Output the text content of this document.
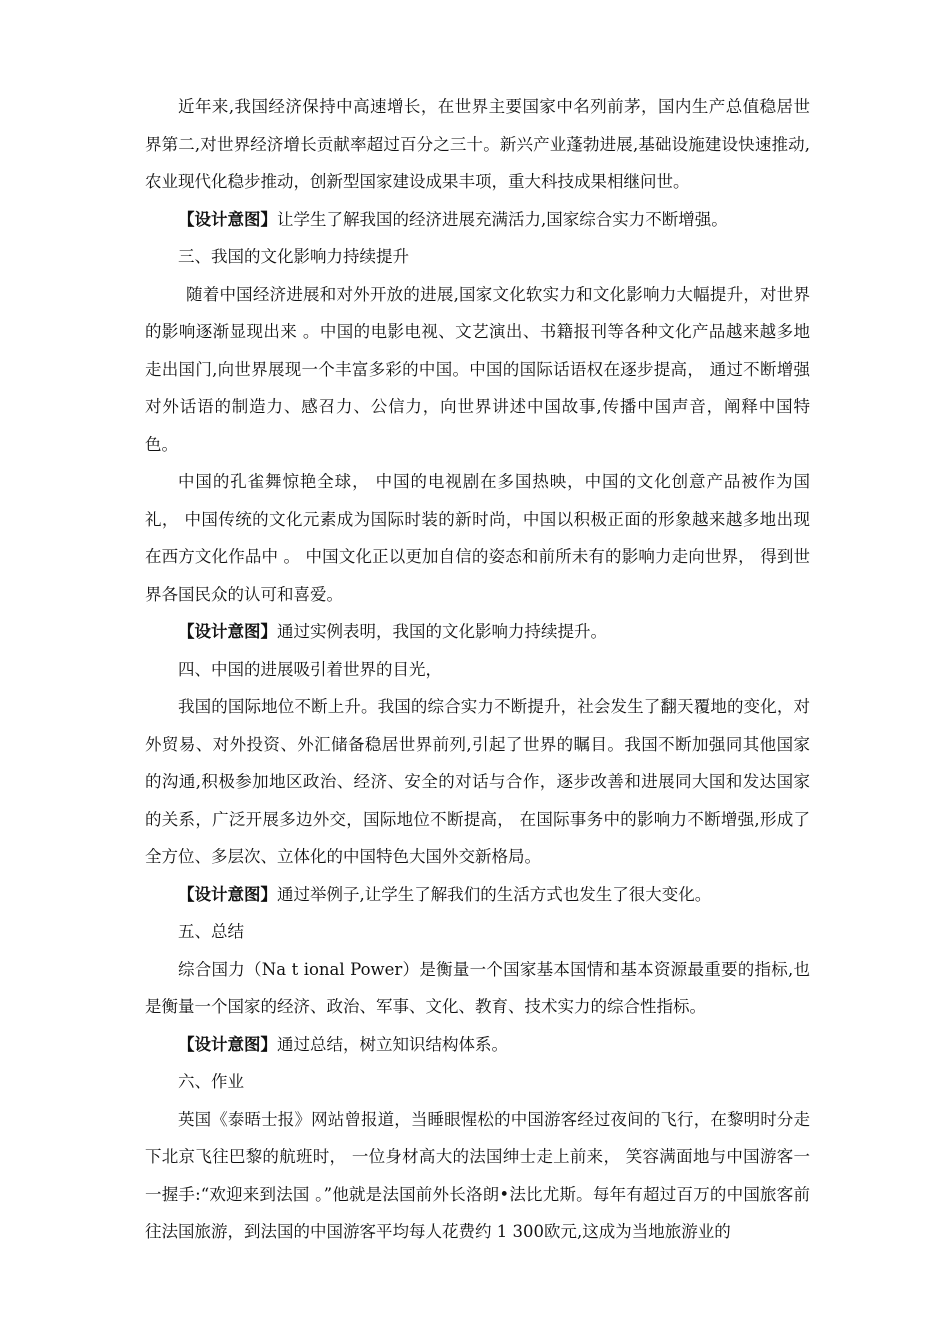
近年来,我国经济保持中高速增长，在世界主要国家中名列前茅，国内生产总值稳居世界第二,对世界经济增长贡献率超过百分之三十。新兴产业蓬勃进展,基础设施建设快速推动,农业现代化稳步推动，创新型国家建设成果丰项，重大科技成果相继问世。

【设计意图】让学生了解我国的经济进展充满活力,国家综合实力不断增强。

三、我国的文化影响力持续提升

随着中国经济进展和对外开放的进展,国家文化软实力和文化影响力大幅提升，对世界的影响逐渐显现出来 。中国的电影电视、文艺演出、书籍报刊等各种文化产品越来越多地走出国门,向世界展现一个丰富多彩的中国。中国的国际话语权在逐步提高， 通过不断增强对外话语的制造力、感召力、公信力，向世界讲述中国故事,传播中国声音，阐释中国特色。

中国的孔雀舞惊艳全球， 中国的电视剧在多国热映，中国的文化创意产品被作为国礼， 中国传统的文化元素成为国际时装的新时尚，中国以积极正面的形象越来越多地出现在西方文化作品中 。 中国文化正以更加自信的姿态和前所未有的影响力走向世界， 得到世界各国民众的认可和喜爱。

【设计意图】通过实例表明，我国的文化影响力持续提升。

四、中国的进展吸引着世界的目光，

我国的国际地位不断上升。我国的综合实力不断提升，社会发生了翻天覆地的变化，对外贸易、对外投资、外汇储备稳居世界前列,引起了世界的瞩目。我国不断加强同其他国家的沟通,积极参加地区政治、经济、安全的对话与合作，逐步改善和进展同大国和发达国家的关系，广泛开展多边外交，国际地位不断提高， 在国际事务中的影响力不断增强,形成了全方位、多层次、立体化的中国特色大国外交新格局。

【设计意图】通过举例子,让学生了解我们的生活方式也发生了很大变化。

五、总结

综合国力（Na t ional Power）是衡量一个国家基本国情和基本资源最重要的指标,也是衡量一个国家的经济、政治、军事、文化、教育、技术实力的综合性指标。

【设计意图】通过总结，树立知识结构体系。

六、作业

英国《泰晤士报》网站曾报道，当睡眼惺松的中国游客经过夜间的飞行，在黎明时分走下北京飞往巴黎的航班时， 一位身材高大的法国绅士走上前来， 笑容满面地与中国游客一一握手:“欢迎来到法国 。”他就是法国前外长洛朗•法比尤斯。每年有超过百万的中国旅客前往法国旅游，到法国的中国游客平均每人花费约 1 300欧元,这成为当地旅游业的
